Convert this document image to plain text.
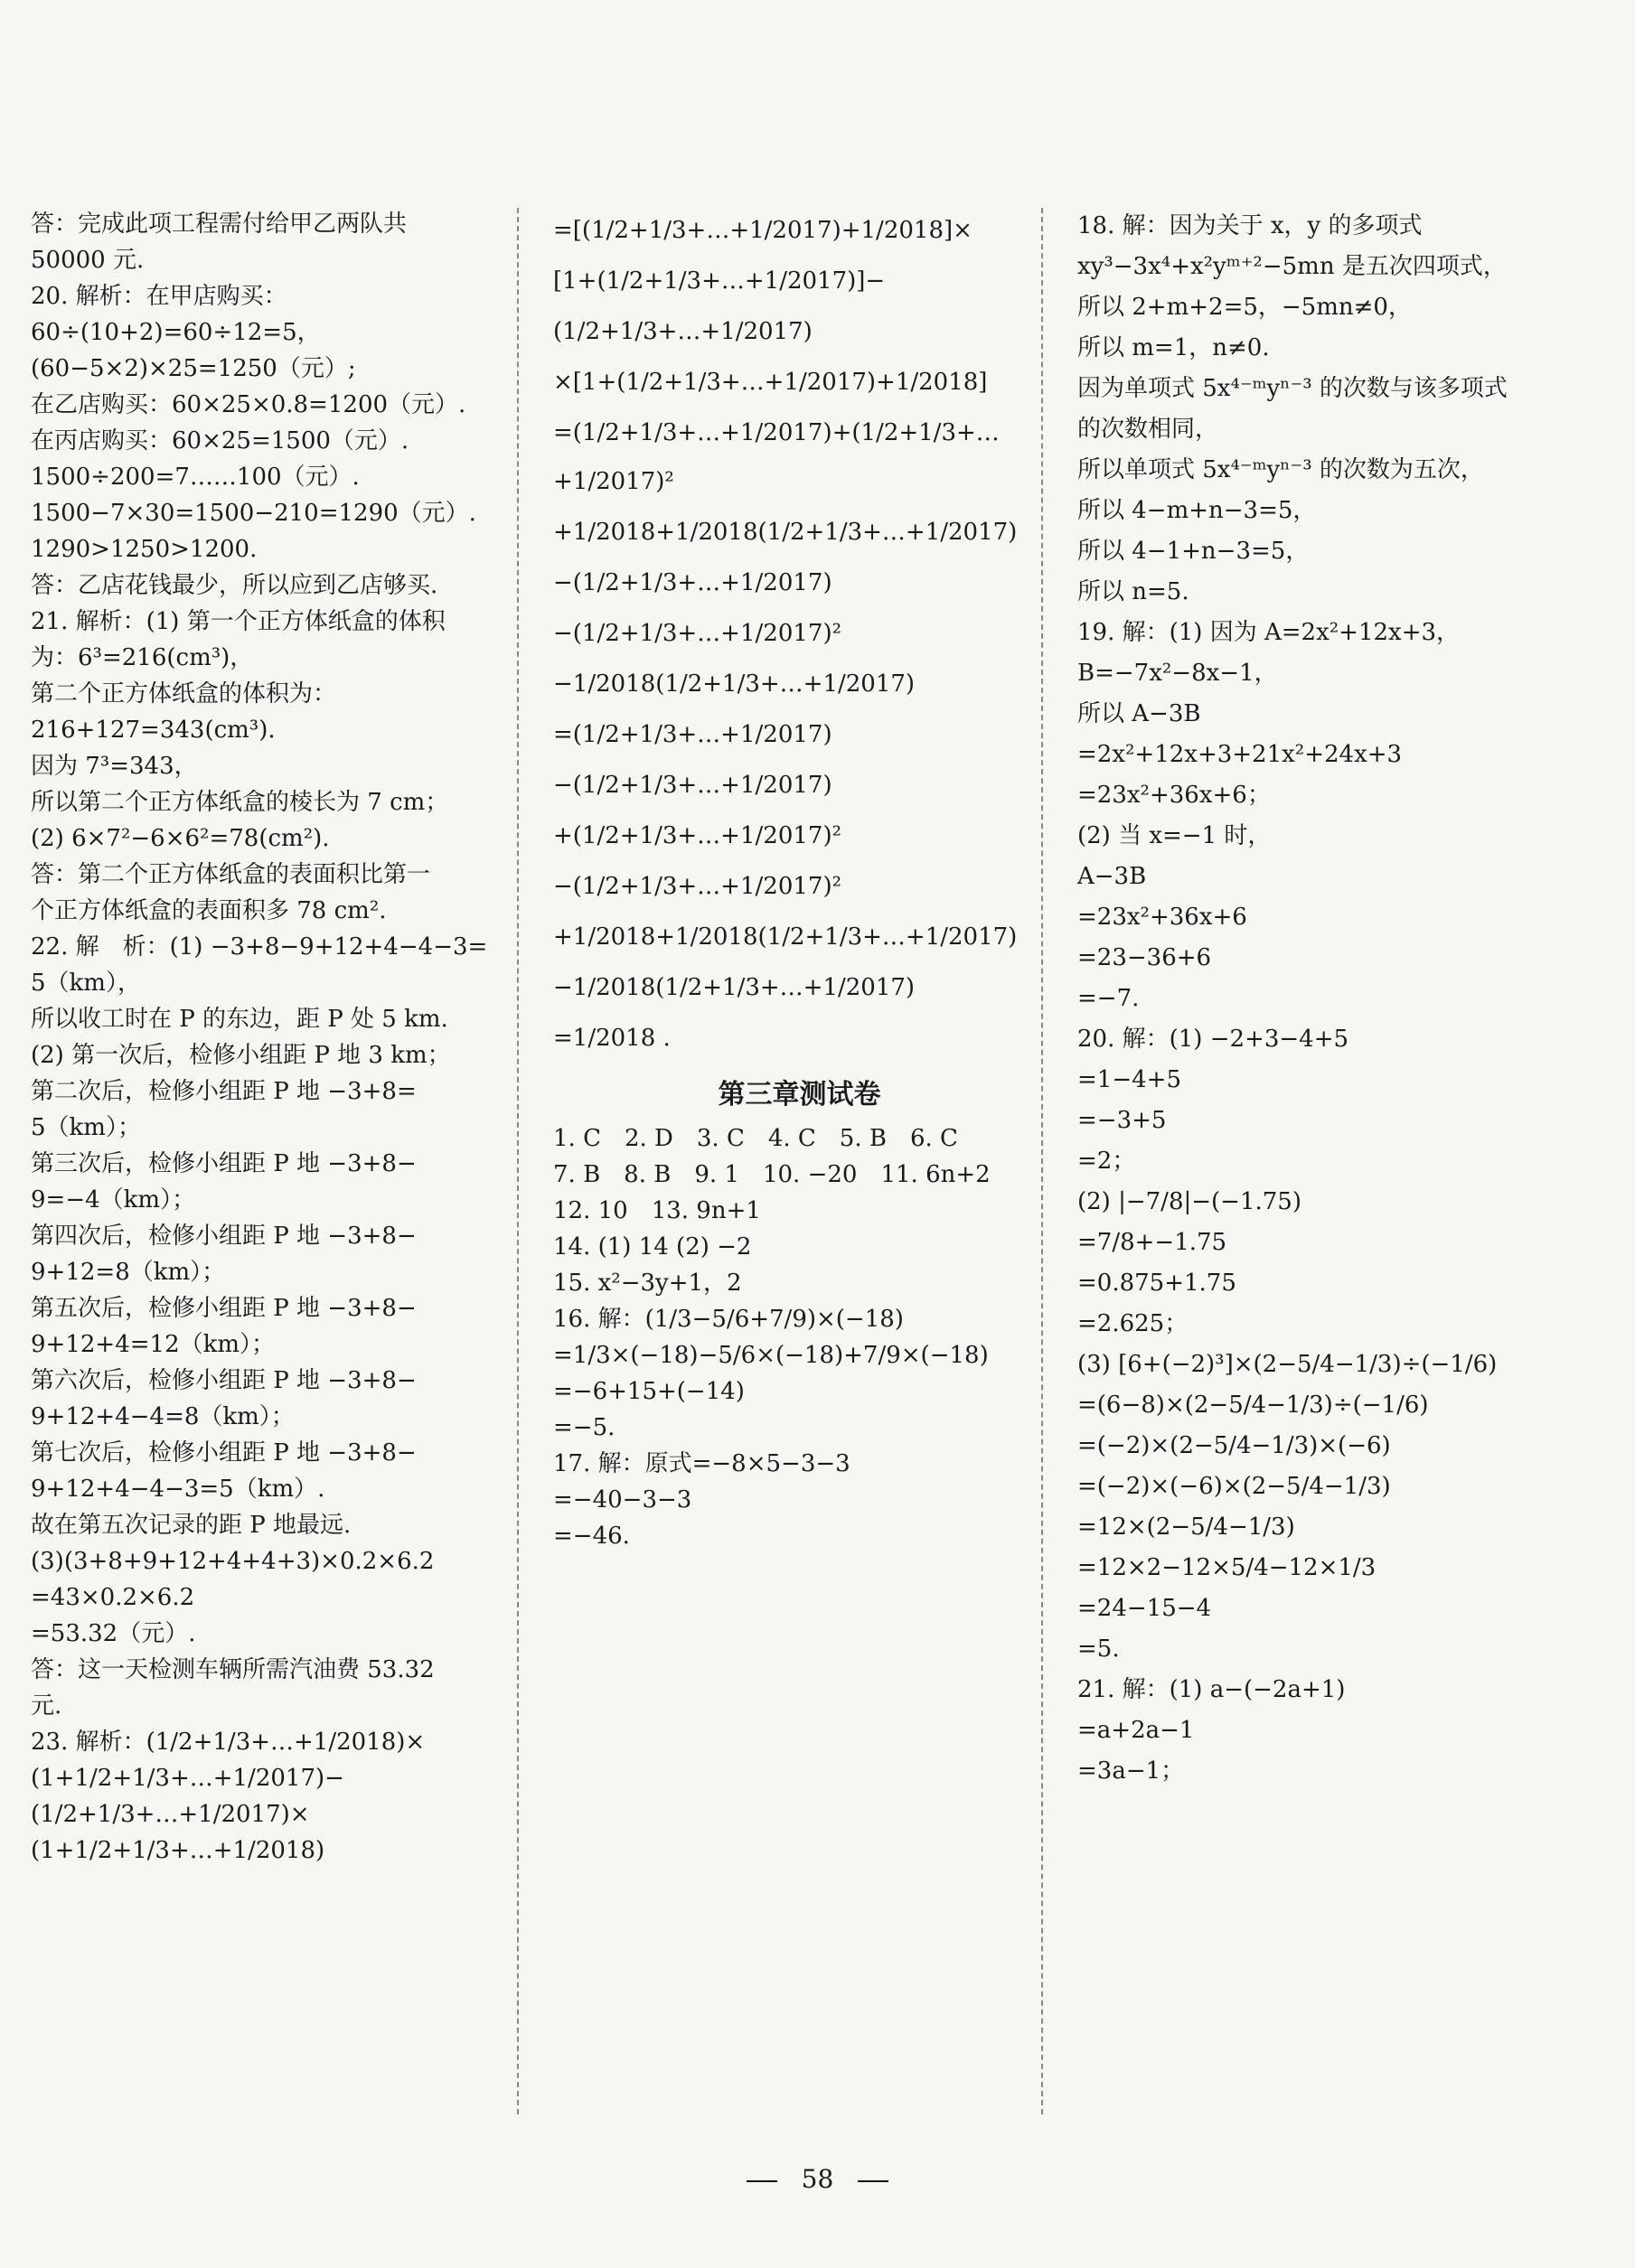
答：完成此项工程需付给甲乙两队共

50000 元.

20. 解析：在甲店购买：

60÷(10+2)=60÷12=5，

(60−5×2)×25=1250（元）;

在乙店购买：60×25×0.8=1200（元）.

在丙店购买：60×25=1500（元）.

1500÷200=7……100（元）.

1500−7×30=1500−210=1290（元）.

1290>1250>1200.

答：乙店花钱最少，所以应到乙店够买.

21. 解析：(1) 第一个正方体纸盒的体积

为：6³=216(cm³)，

第二个正方体纸盒的体积为：

216+127=343(cm³).

因为 7³=343，

所以第二个正方体纸盒的棱长为 7 cm；

(2) 6×7²−6×6²=78(cm²).

答：第二个正方体纸盒的表面积比第一

个正方体纸盒的表面积多 78 cm².

22. 解　析：(1) −3+8−9+12+4−4−3=

5（km），

所以收工时在 P 的东边，距 P 处 5 km.

(2) 第一次后，检修小组距 P 地 3 km；

第二次后，检修小组距 P 地 −3+8=

5（km）；

第三次后，检修小组距 P 地 −3+8−

9=−4（km）；

第四次后，检修小组距 P 地 −3+8−

9+12=8（km）；

第五次后，检修小组距 P 地 −3+8−

9+12+4=12（km）；

第六次后，检修小组距 P 地 −3+8−

9+12+4−4=8（km）；

第七次后，检修小组距 P 地 −3+8−

9+12+4−4−3=5（km）.

故在第五次记录的距 P 地最远.

(3)(3+8+9+12+4+4+3)×0.2×6.2

=43×0.2×6.2

=53.32（元）.

答：这一天检测车辆所需汽油费 53.32

元.

23. 解析：(1/2+1/3+…+1/2018)×

(1+1/2+1/3+…+1/2017)−

(1/2+1/3+…+1/2017)×

(1+1/2+1/3+…+1/2018)

=[(1/2+1/3+…+1/2017)+1/2018]×

[1+(1/2+1/3+…+1/2017)]−

(1/2+1/3+…+1/2017)

×[1+(1/2+1/3+…+1/2017)+1/2018]

=(1/2+1/3+…+1/2017)+(1/2+1/3+…+1/2017)²

+1/2018+1/2018(1/2+1/3+…+1/2017)

−(1/2+1/3+…+1/2017)

−(1/2+1/3+…+1/2017)²

−1/2018(1/2+1/3+…+1/2017)

=(1/2+1/3+…+1/2017)

−(1/2+1/3+…+1/2017)

+(1/2+1/3+…+1/2017)²

−(1/2+1/3+…+1/2017)²

+1/2018+1/2018(1/2+1/3+…+1/2017)

−1/2018(1/2+1/3+…+1/2017)

=1/2018 .

第三章测试卷

1. C　2. D　3. C　4. C　5. B　6. C

7. B　8. B　9. 1　10. −20　11. 6n+2

12. 10　13. 9n+1

14. (1) 14 (2) −2

15. x²−3y+1，2

16. 解：(1/3−5/6+7/9)×(−18)

=1/3×(−18)−5/6×(−18)+7/9×(−18)

=−6+15+(−14)

=−5.

17. 解：原式=−8×5−3−3

=−40−3−3

=−46.

18. 解：因为关于 x，y 的多项式

xy³−3x⁴+x²yᵐ⁺²−5mn 是五次四项式，

所以 2+m+2=5，−5mn≠0，

所以 m=1，n≠0.

因为单项式 5x⁴⁻ᵐyⁿ⁻³ 的次数与该多项式

的次数相同，

所以单项式 5x⁴⁻ᵐyⁿ⁻³ 的次数为五次，

所以 4−m+n−3=5，

所以 4−1+n−3=5，

所以 n=5.

19. 解：(1) 因为 A=2x²+12x+3，

B=−7x²−8x−1，

所以 A−3B

=2x²+12x+3+21x²+24x+3

=23x²+36x+6；

(2) 当 x=−1 时，

A−3B

=23x²+36x+6

=23−36+6

=−7.

20. 解：(1) −2+3−4+5

=1−4+5

=−3+5

=2；

(2) |−7/8|−(−1.75)

=7/8+−1.75

=0.875+1.75

=2.625；

(3) [6+(−2)³]×(2−5/4−1/3)÷(−1/6)

=(6−8)×(2−5/4−1/3)÷(−1/6)

=(−2)×(2−5/4−1/3)×(−6)

=(−2)×(−6)×(2−5/4−1/3)

=12×(2−5/4−1/3)

=12×2−12×5/4−12×1/3

=24−15−4

=5.

21. 解：(1) a−(−2a+1)

=a+2a−1

=3a−1；

58
